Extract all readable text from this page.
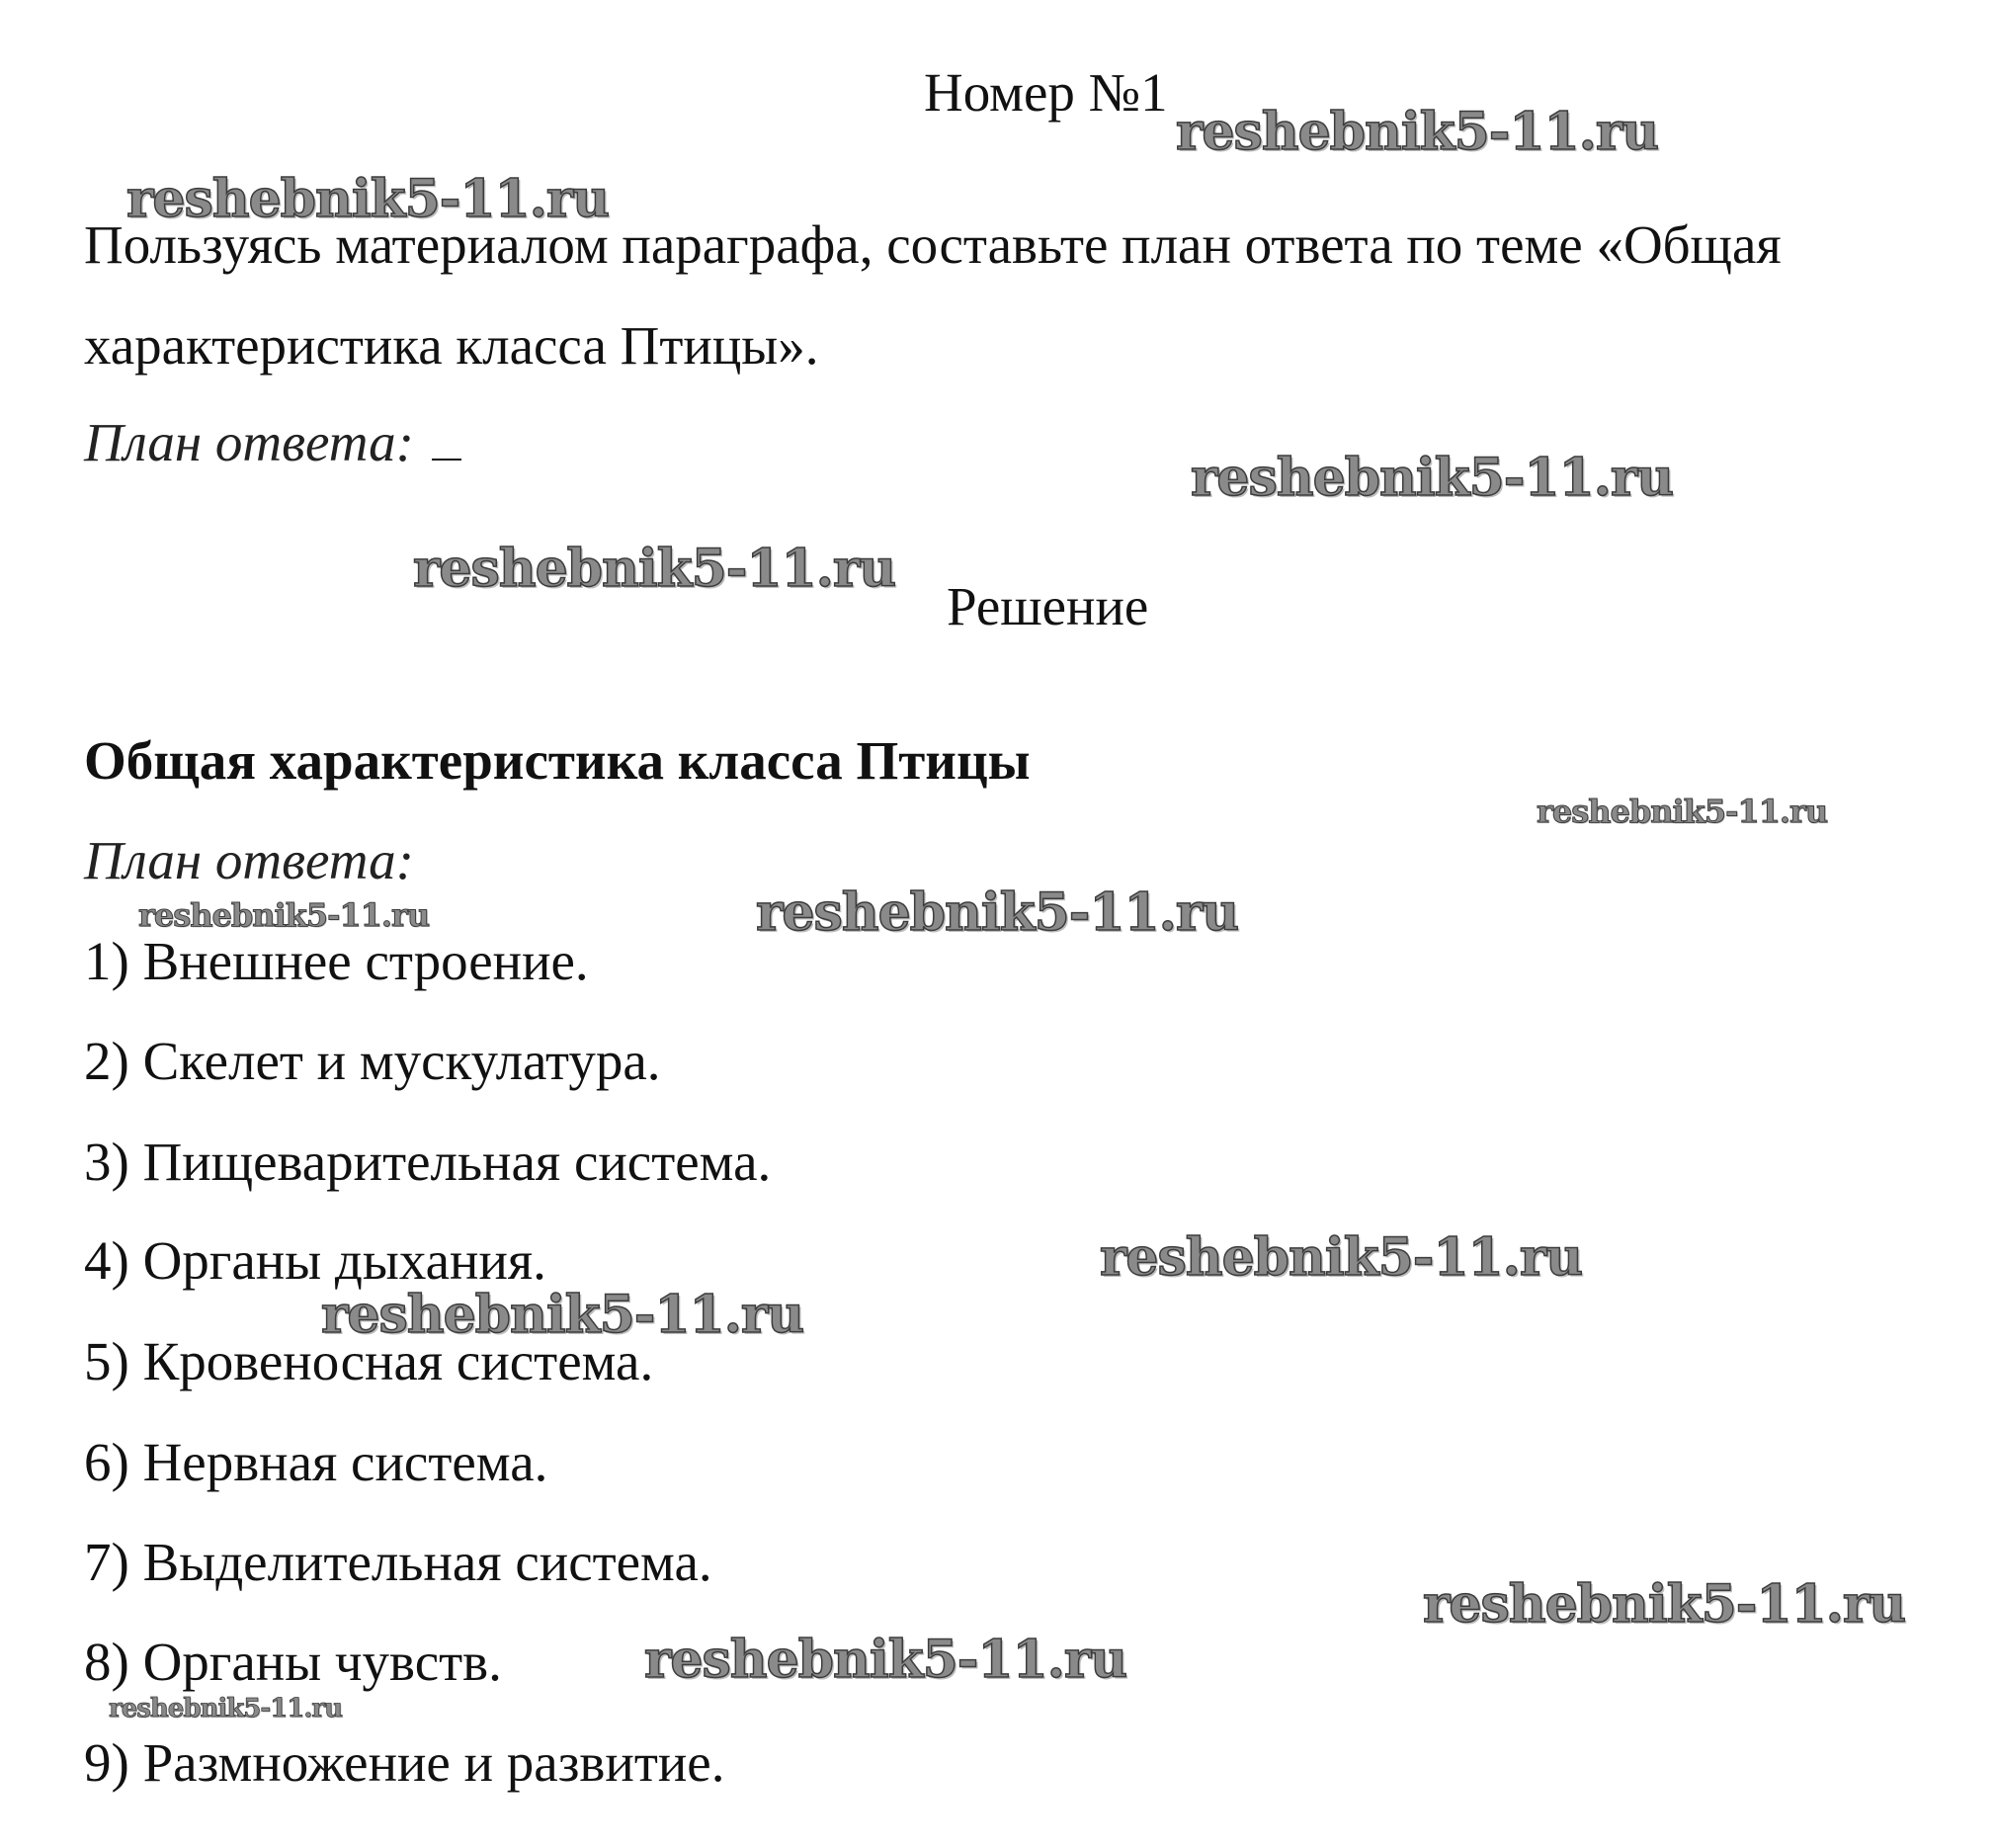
Номер №1
Пользуясь материалом параграфа, составьте план ответа по теме «Общая
характеристика класса Птицы».
План ответа:
Решение
Общая характеристика класса Птицы
План ответа:
1) Внешнее строение.
2) Скелет и мускулатура.
3) Пищеварительная система.
4) Органы дыхания.
5) Кровеносная система.
6) Нервная система.
7) Выделительная система.
8) Органы чувств.
9) Размножение и развитие.
reshebnik5-11.ru
reshebnik5-11.ru
reshebnik5-11.ru
reshebnik5-11.ru
reshebnik5-11.ru
reshebnik5-11.ru	reshebnik5-11.ru
reshebnik5-11.ru
reshebnik5-11.ru
reshebnik5-11.ru
reshebnik5-11.ru
reshebnik5-11.ru
